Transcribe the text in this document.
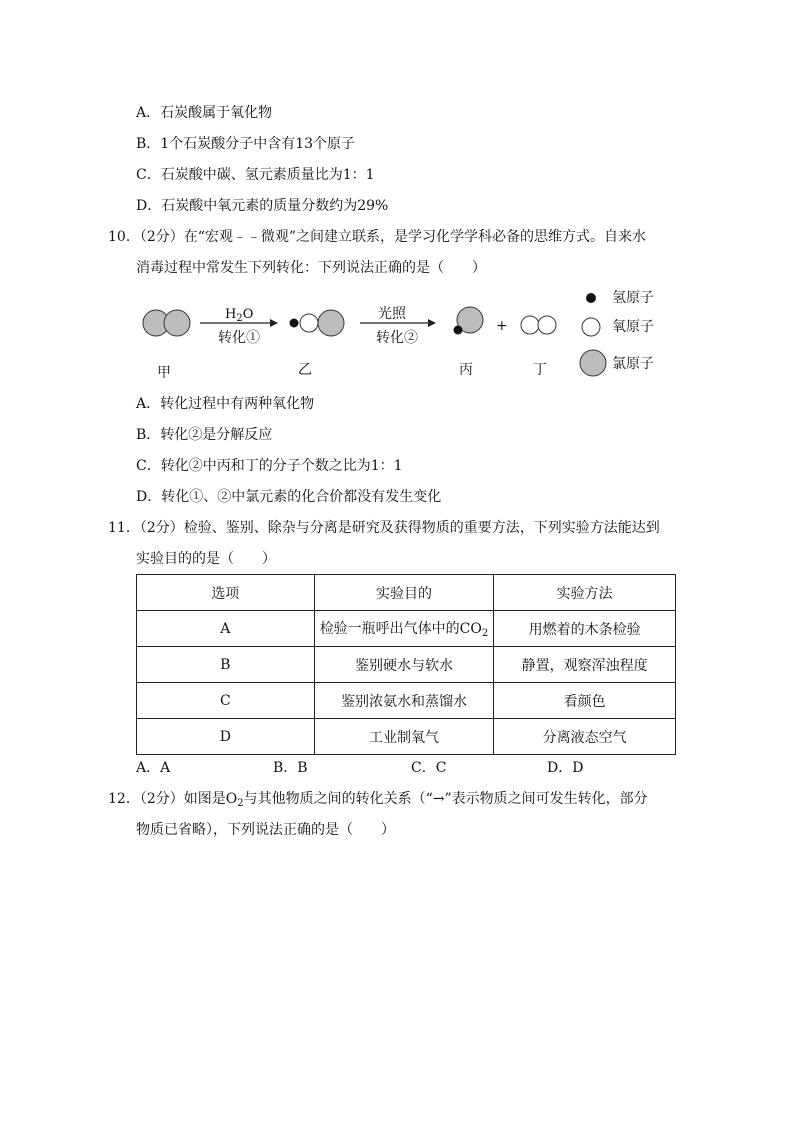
A．石炭酸属于氧化物
B．1个石炭酸分子中含有13个原子
C．石炭酸中碳、氢元素质量比为1：1
D．石炭酸中氧元素的质量分数约为29%
10．（2分）在“宏观﹣﹣微观”之间建立联系，是学习化学学科必备的思维方式。自来水
消毒过程中常发生下列转化：下列说法正确的是（　　）
$H_2O$
转化①
光照
转化②
+
甲	乙	丙	丁
氢原子
氧原子
氯原子
A．转化过程中有两种氧化物
B．转化②是分解反应
C．转化②中丙和丁的分子个数之比为1：1
D．转化①、②中氯元素的化合价都没有发生变化
11．（2分）检验、鉴别、除杂与分离是研究及获得物质的重要方法，下列实验方法能达到
实验目的的是（　　）
选项	实验目的	实验方法
A	检验一瓶呼出气体中的$CO_2$	用燃着的木条检验
B	鉴别硬水与软水	静置，观察浑浊程度
C	鉴别浓氨水和蒸馏水	看颜色
D	工业制氧气	分离液态空气
A．A	B．B	C．C	D．D
12．（2分）如图是$O_2$与其他物质之间的转化关系（“→”表示物质之间可发生转化，部分
物质已省略），下列说法正确的是（　　）
